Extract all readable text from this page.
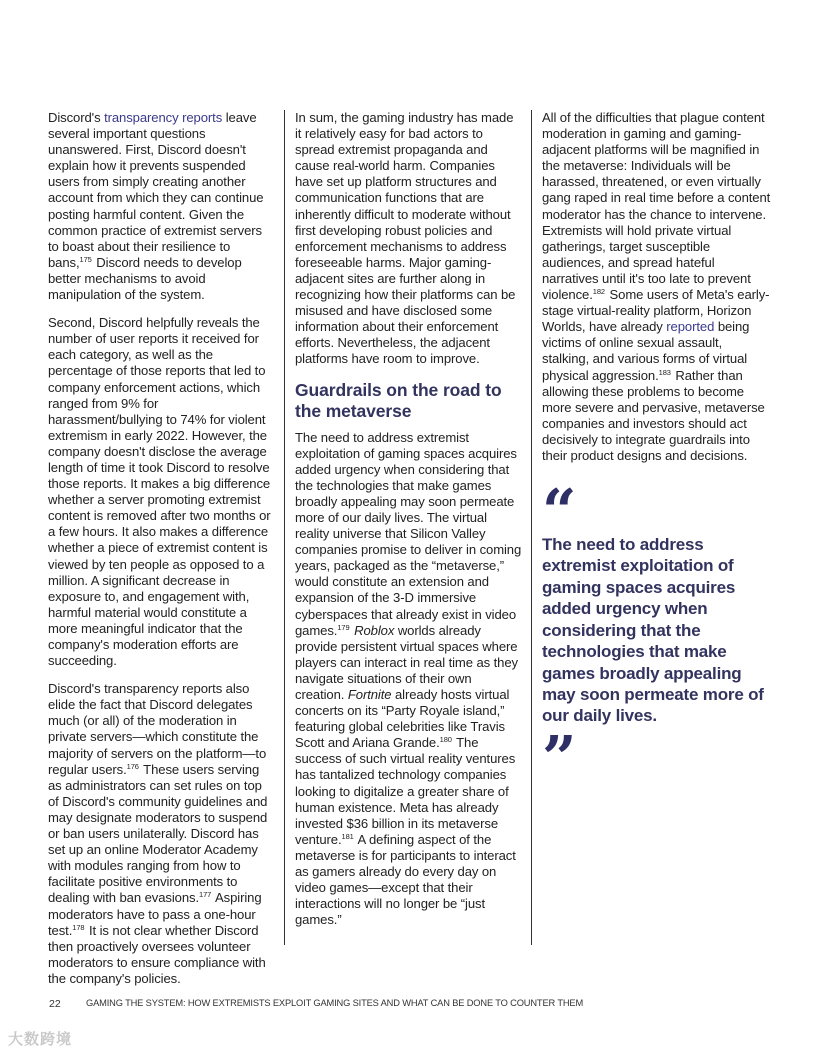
Discord's transparency reports leave several important questions unanswered. First, Discord doesn't explain how it prevents suspended users from simply creating another account from which they can continue posting harmful content. Given the common practice of extremist servers to boast about their resilience to bans,$^{175}$ Discord needs to develop better mechanisms to avoid manipulation of the system.

Second, Discord helpfully reveals the number of user reports it received for each category, as well as the percentage of those reports that led to company enforcement actions, which ranged from 9% for harassment/bullying to 74% for violent extremism in early 2022. However, the company doesn't disclose the average length of time it took Discord to resolve those reports. It makes a big difference whether a server promoting extremist content is removed after two months or a few hours. It also makes a difference whether a piece of extremist content is viewed by ten people as opposed to a million. A significant decrease in exposure to, and engagement with, harmful material would constitute a more meaningful indicator that the company's moderation efforts are succeeding.

Discord's transparency reports also elide the fact that Discord delegates much (or all) of the moderation in private servers—which constitute the majority of servers on the platform—to regular users.$^{176}$ These users serving as administrators can set rules on top of Discord's community guidelines and may designate moderators to suspend or ban users unilaterally. Discord has set up an online Moderator Academy with modules ranging from how to facilitate positive environments to dealing with ban evasions.$^{177}$ Aspiring moderators have to pass a one-hour test.$^{178}$ It is not clear whether Discord then proactively oversees volunteer moderators to ensure compliance with the company's policies.

In sum, the gaming industry has made it relatively easy for bad actors to spread extremist propaganda and cause real-world harm. Companies have set up platform structures and communication functions that are inherently difficult to moderate without first developing robust policies and enforcement mechanisms to address foreseeable harms. Major gaming-adjacent sites are further along in recognizing how their platforms can be misused and have disclosed some information about their enforcement efforts. Nevertheless, the adjacent platforms have room to improve.

Guardrails on the road to the metaverse

The need to address extremist exploitation of gaming spaces acquires added urgency when considering that the technologies that make games broadly appealing may soon permeate more of our daily lives. The virtual reality universe that Silicon Valley companies promise to deliver in coming years, packaged as the “metaverse,” would constitute an extension and expansion of the 3-D immersive cyberspaces that already exist in video games.$^{179}$ Roblox worlds already provide persistent virtual spaces where players can interact in real time as they navigate situations of their own creation. Fortnite already hosts virtual concerts on its “Party Royale island,” featuring global celebrities like Travis Scott and Ariana Grande.$^{180}$ The success of such virtual reality ventures has tantalized technology companies looking to digitalize a greater share of human existence. Meta has already invested $36 billion in its metaverse venture.$^{181}$ A defining aspect of the metaverse is for participants to interact as gamers already do every day on video games—except that their interactions will no longer be “just games.”

All of the difficulties that plague content moderation in gaming and gaming-adjacent platforms will be magnified in the metaverse: Individuals will be harassed, threatened, or even virtually gang raped in real time before a content moderator has the chance to intervene. Extremists will hold private virtual gatherings, target susceptible audiences, and spread hateful narratives until it's too late to prevent violence.$^{182}$ Some users of Meta's early-stage virtual-reality platform, Horizon Worlds, have already reported being victims of online sexual assault, stalking, and various forms of virtual physical aggression.$^{183}$ Rather than allowing these problems to become more severe and pervasive, metaverse companies and investors should act decisively to integrate guardrails into their product designs and decisions.

“
The need to address extremist exploitation of gaming spaces acquires added urgency when considering that the technologies that make games broadly appealing may soon permeate more of our daily lives.
”
22	GAMING THE SYSTEM: HOW EXTREMISTS EXPLOIT GAMING SITES AND WHAT CAN BE DONE TO COUNTER THEM
大数跨境
